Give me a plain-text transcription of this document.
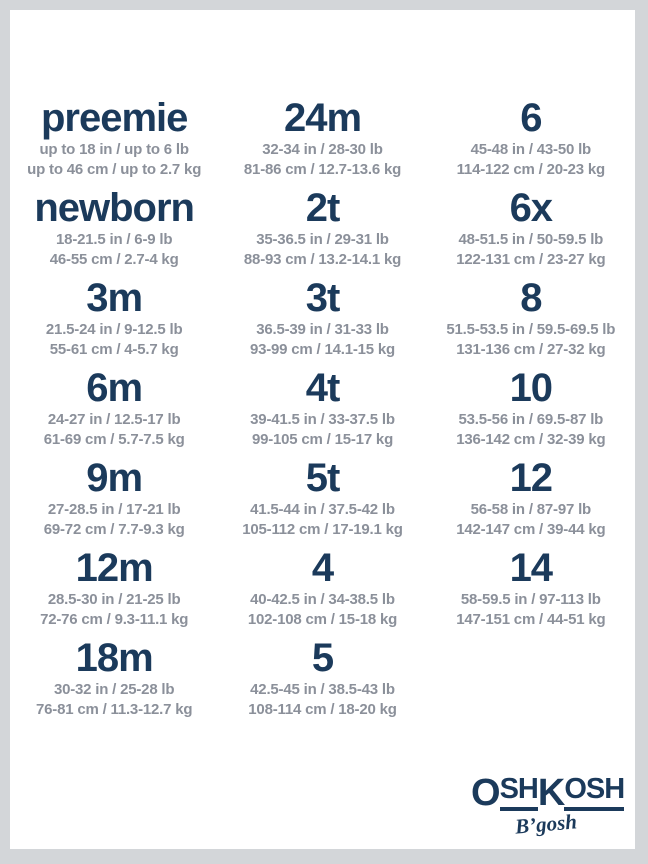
preemie
up to 18 in / up to 6 lb
up to 46 cm / up to 2.7 kg
24m
32-34 in / 28-30 lb
81-86 cm / 12.7-13.6 kg
6
45-48 in / 43-50 lb
114-122 cm / 20-23 kg
newborn
18-21.5 in / 6-9 lb
46-55 cm / 2.7-4 kg
2t
35-36.5 in / 29-31 lb
88-93 cm / 13.2-14.1 kg
6x
48-51.5 in / 50-59.5 lb
122-131 cm / 23-27 kg
3m
21.5-24 in / 9-12.5 lb
55-61 cm / 4-5.7 kg
3t
36.5-39 in / 31-33 lb
93-99 cm / 14.1-15 kg
8
51.5-53.5 in / 59.5-69.5 lb
131-136 cm / 27-32 kg
6m
24-27 in / 12.5-17 lb
61-69 cm / 5.7-7.5 kg
4t
39-41.5 in / 33-37.5 lb
99-105 cm / 15-17 kg
10
53.5-56 in / 69.5-87 lb
136-142 cm / 32-39 kg
9m
27-28.5 in / 17-21 lb
69-72 cm / 7.7-9.3 kg
5t
41.5-44 in / 37.5-42 lb
105-112 cm / 17-19.1 kg
12
56-58 in / 87-97 lb
142-147 cm / 39-44 kg
12m
28.5-30 in / 21-25 lb
72-76 cm / 9.3-11.1 kg
4
40-42.5 in / 34-38.5 lb
102-108 cm / 15-18 kg
14
58-59.5 in / 97-113 lb
147-151 cm / 44-51 kg
18m
30-32 in / 25-28 lb
76-81 cm / 11.3-12.7 kg
5
42.5-45 in / 38.5-43 lb
108-114 cm / 18-20 kg
OSHKOSH
B’gosh
